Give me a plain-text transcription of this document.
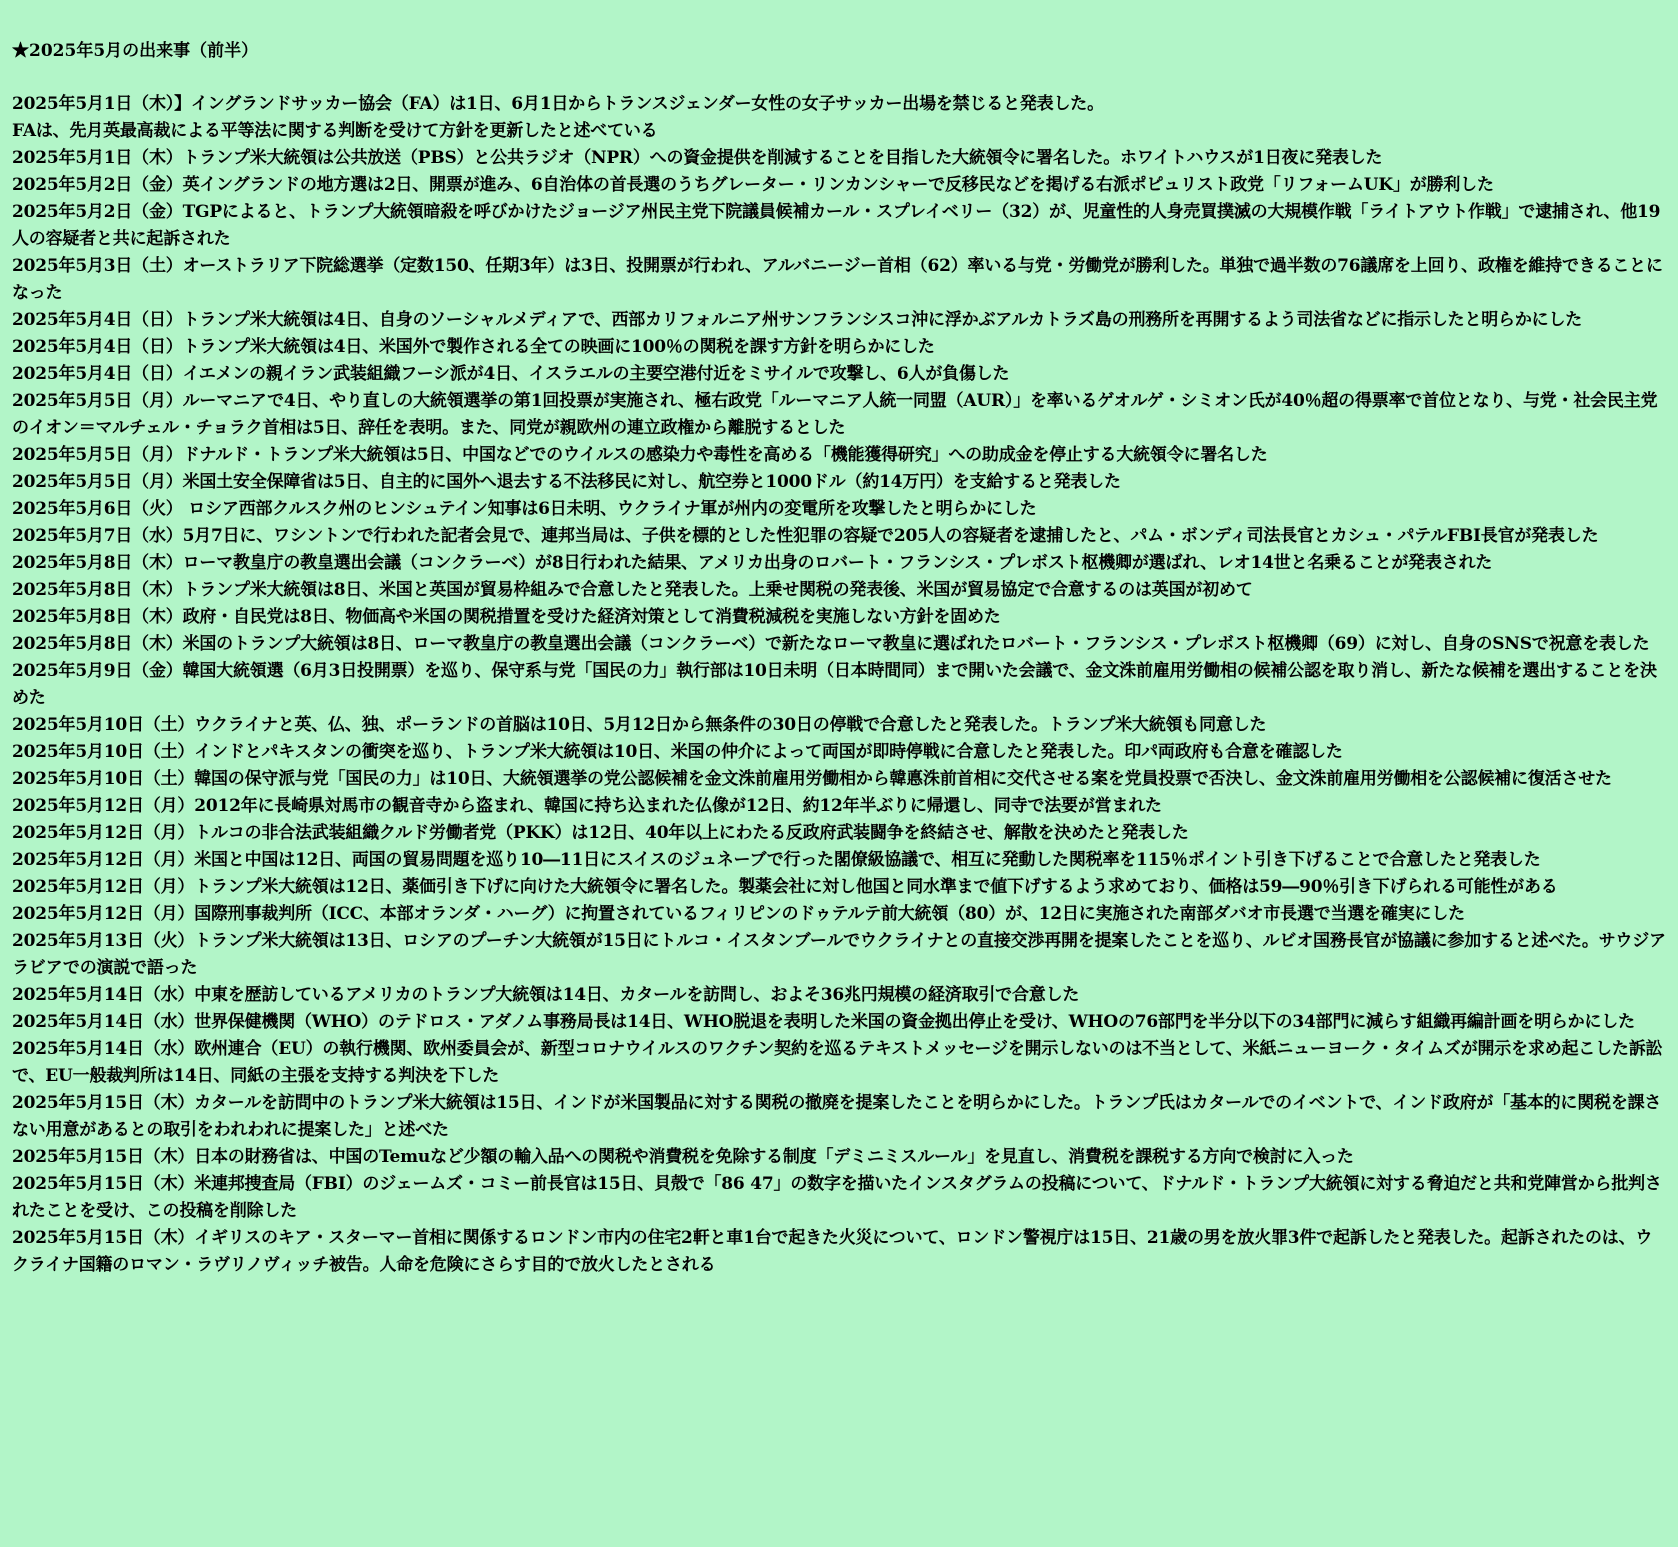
★2025年5月の出来事（前半）
2025年5月1日（木）】イングランドサッカー協会（FA）は1日、6月1日からトランスジェンダー女性の女子サッカー出場を禁じると発表した。
FAは、先月英最高裁による平等法に関する判断を受けて方針を更新したと述べている
2025年5月1日（木）トランプ米大統領は公共放送（PBS）と公共ラジオ（NPR）への資金提供を削減することを目指した大統領令に署名した。ホワイトハウスが1日夜に発表した
2025年5月2日（金）英イングランドの地方選は2日、開票が進み、6自治体の首長選のうちグレーター・リンカンシャーで反移民などを掲げる右派ポピュリスト政党「リフォームUK」が勝利した
2025年5月2日（金）TGPによると、トランプ大統領暗殺を呼びかけたジョージア州民主党下院議員候補カール・スプレイベリー（32）が、児童性的人身売買撲滅の大規模作戦「ライトアウト作戦」で逮捕され、他19人の容疑者と共に起訴された
2025年5月3日（土）オーストラリア下院総選挙（定数150、任期3年）は3日、投開票が行われ、アルバニージー首相（62）率いる与党・労働党が勝利した。単独で過半数の76議席を上回り、政権を維持できることになった
2025年5月4日（日）トランプ米大統領は4日、自身のソーシャルメディアで、西部カリフォルニア州サンフランシスコ沖に浮かぶアルカトラズ島の刑務所を再開するよう司法省などに指示したと明らかにした
2025年5月4日（日）トランプ米大統領は4日、米国外で製作される全ての映画に100％の関税を課す方針を明らかにした
2025年5月4日（日）イエメンの親イラン武装組織フーシ派が4日、イスラエルの主要空港付近をミサイルで攻撃し、6人が負傷した
2025年5月5日（月）ルーマニアで4日、やり直しの大統領選挙の第1回投票が実施され、極右政党「ルーマニア人統一同盟（AUR）」を率いるゲオルゲ・シミオン氏が40％超の得票率で首位となり、与党・社会民主党のイオン＝マルチェル・チョラク首相は5日、辞任を表明。また、同党が親欧州の連立政権から離脱するとした
2025年5月5日（月）ドナルド・トランプ米大統領は5日、中国などでのウイルスの感染力や毒性を高める「機能獲得研究」への助成金を停止する大統領令に署名した
2025年5月5日（月）米国土安全保障省は5日、自主的に国外へ退去する不法移民に対し、航空券と1000ドル（約14万円）を支給すると発表した
2025年5月6日（火） ロシア西部クルスク州のヒンシュテイン知事は6日未明、ウクライナ軍が州内の変電所を攻撃したと明らかにした
2025年5月7日（水）5月7日に、ワシントンで行われた記者会見で、連邦当局は、子供を標的とした性犯罪の容疑で205人の容疑者を逮捕したと、パム・ボンディ司法長官とカシュ・パテルFBI長官が発表した
2025年5月8日（木）ローマ教皇庁の教皇選出会議（コンクラーベ）が8日行われた結果、アメリカ出身のロバート・フランシス・プレボスト枢機卿が選ばれ、レオ14世と名乗ることが発表された
2025年5月8日（木）トランプ米大統領は8日、米国と英国が貿易枠組みで合意したと発表した。上乗せ関税の発表後、米国が貿易協定で合意するのは英国が初めて
2025年5月8日（木）政府・自民党は8日、物価高や米国の関税措置を受けた経済対策として消費税減税を実施しない方針を固めた
2025年5月8日（木）米国のトランプ大統領は8日、ローマ教皇庁の教皇選出会議（コンクラーベ）で新たなローマ教皇に選ばれたロバート・フランシス・プレボスト枢機卿（69）に対し、自身のSNSで祝意を表した
2025年5月9日（金）韓国大統領選（6月3日投開票）を巡り、保守系与党「国民の力」執行部は10日未明（日本時間同）まで開いた会議で、金文洙前雇用労働相の候補公認を取り消し、新たな候補を選出することを決めた
2025年5月10日（土）ウクライナと英、仏、独、ポーランドの首脳は10日、5月12日から無条件の30日の停戦で合意したと発表した。トランプ米大統領も同意した
2025年5月10日（土）インドとパキスタンの衝突を巡り、トランプ米大統領は10日、米国の仲介によって両国が即時停戦に合意したと発表した。印パ両政府も合意を確認した
2025年5月10日（土）韓国の保守派与党「国民の力」は10日、大統領選挙の党公認候補を金文洙前雇用労働相から韓悳洙前首相に交代させる案を党員投票で否決し、金文洙前雇用労働相を公認候補に復活させた
2025年5月12日（月）2012年に長崎県対馬市の観音寺から盗まれ、韓国に持ち込まれた仏像が12日、約12年半ぶりに帰還し、同寺で法要が営まれた
2025年5月12日（月）トルコの非合法武装組織クルド労働者党（PKK）は12日、40年以上にわたる反政府武装闘争を終結させ、解散を決めたと発表した
2025年5月12日（月）米国と中国は12日、両国の貿易問題を巡り10―11日にスイスのジュネーブで行った閣僚級協議で、相互に発動した関税率を115％ポイント引き下げることで合意したと発表した
2025年5月12日（月）トランプ米大統領は12日、薬価引き下げに向けた大統領令に署名した。製薬会社に対し他国と同水準まで値下げするよう求めており、価格は59―90％引き下げられる可能性がある
2025年5月12日（月）国際刑事裁判所（ICC、本部オランダ・ハーグ）に拘置されているフィリピンのドゥテルテ前大統領（80）が、12日に実施された南部ダバオ市長選で当選を確実にした
2025年5月13日（火）トランプ米大統領は13日、ロシアのプーチン大統領が15日にトルコ・イスタンブールでウクライナとの直接交渉再開を提案したことを巡り、ルビオ国務長官が協議に参加すると述べた。サウジアラビアでの演説で語った
2025年5月14日（水）中東を歴訪しているアメリカのトランプ大統領は14日、カタールを訪問し、およそ36兆円規模の経済取引で合意した
2025年5月14日（水）世界保健機関（WHO）のテドロス・アダノム事務局長は14日、WHO脱退を表明した米国の資金拠出停止を受け、WHOの76部門を半分以下の34部門に減らす組織再編計画を明らかにした
2025年5月14日（水）欧州連合（EU）の執行機関、欧州委員会が、新型コロナウイルスのワクチン契約を巡るテキストメッセージを開示しないのは不当として、米紙ニューヨーク・タイムズが開示を求め起こした訴訟で、EU一般裁判所は14日、同紙の主張を支持する判決を下した
2025年5月15日（木）カタールを訪問中のトランプ米大統領は15日、インドが米国製品に対する関税の撤廃を提案したことを明らかにした。トランプ氏はカタールでのイベントで、インド政府が「基本的に関税を課さない用意があるとの取引をわれわれに提案した」と述べた
2025年5月15日（木）日本の財務省は、中国のTemuなど少額の輸入品への関税や消費税を免除する制度「デミニミスルール」を見直し、消費税を課税する方向で検討に入った
2025年5月15日（木）米連邦捜査局（FBI）のジェームズ・コミー前長官は15日、貝殻で「86 47」の数字を描いたインスタグラムの投稿について、ドナルド・トランプ大統領に対する脅迫だと共和党陣営から批判されたことを受け、この投稿を削除した
2025年5月15日（木）イギリスのキア・スターマー首相に関係するロンドン市内の住宅2軒と車1台で起きた火災について、ロンドン警視庁は15日、21歳の男を放火罪3件で起訴したと発表した。起訴されたのは、ウクライナ国籍のロマン・ラヴリノヴィッチ被告。人命を危険にさらす目的で放火したとされる
